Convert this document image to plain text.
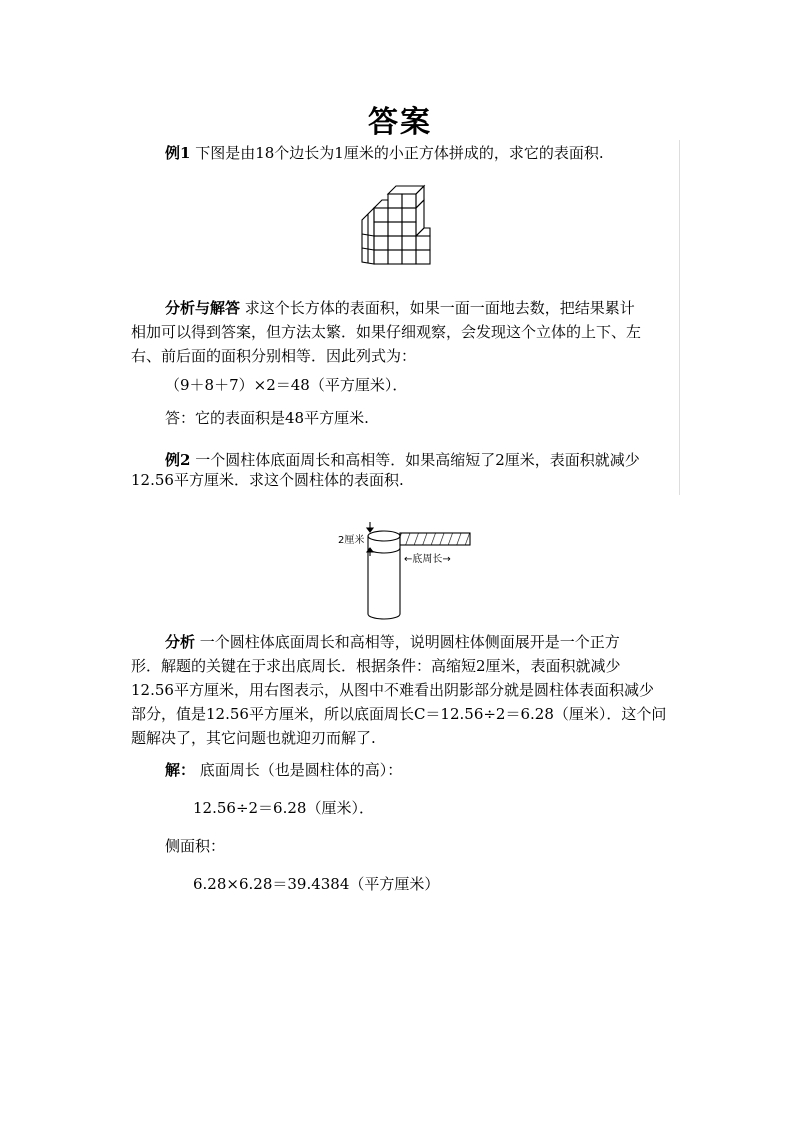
答案
例1 下图是由18个边长为1厘米的小正方体拼成的，求它的表面积.
分析与解答 求这个长方体的表面积，如果一面一面地去数，把结果累计
相加可以得到答案，但方法太繁．如果仔细观察，会发现这个立体的上下、左
右、前后面的面积分别相等．因此列式为：
（9＋8＋7）×2＝48（平方厘米）．
答：它的表面积是48平方厘米.
例2 一个圆柱体底面周长和高相等．如果高缩短了2厘米，表面积就减少
12.56平方厘米．求这个圆柱体的表面积.
2厘米
←底周长→
分析 一个圆柱体底面周长和高相等，说明圆柱体侧面展开是一个正方
形．解题的关键在于求出底周长．根据条件：高缩短2厘米，表面积就减少
12.56平方厘米，用右图表示，从图中不难看出阴影部分就是圆柱体表面积减少
部分，值是12.56平方厘米，所以底面周长C＝12.56÷2＝6.28（厘米）．这个问
题解决了，其它问题也就迎刃而解了.
解： 底面周长（也是圆柱体的高）：
12.56÷2＝6.28（厘米）．
侧面积：
6.28×6.28＝39.4384（平方厘米）
